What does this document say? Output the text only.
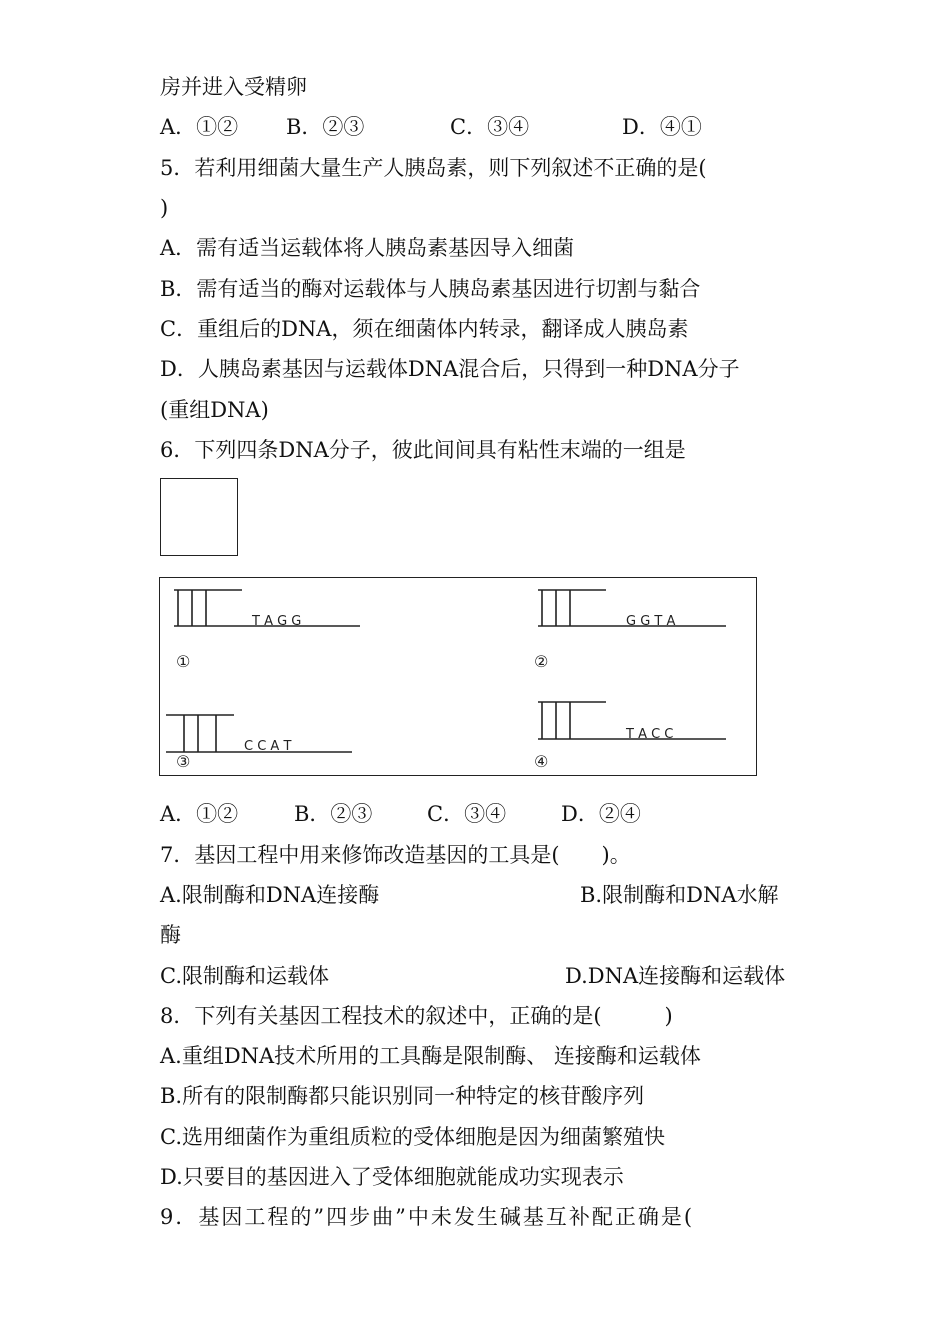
房并进入受精卵
A．①② B．②③	C．③④	D．④①
5．若利用细菌大量生产人胰岛素，则下列叙述不正确的是(
)
A．需有适当运载体将人胰岛素基因导入细菌
B．需有适当的酶对运载体与人胰岛素基因进行切割与黏合
C．重组后的DNA，须在细菌体内转录，翻译成人胰岛素
D．人胰岛素基因与运载体DNA混合后，只得到一种DNA分子
(重组DNA)
6．下列四条DNA分子，彼此间间具有粘性末端的一组是
T A G G	G G T A
C C A T
T A C C
①	②
③	④
A．①②	B．②③	C．③④	D．②④
7．基因工程中用来修饰改造基因的工具是(　　)。
A.限制酶和DNA连接酶	B.限制酶和DNA水解
酶
C.限制酶和运载体	D.DNA连接酶和运载体
8．下列有关基因工程技术的叙述中，正确的是(　　　)
A.重组DNA技术所用的工具酶是限制酶、 连接酶和运载体
B.所有的限制酶都只能识别同一种特定的核苷酸序列
C.选用细菌作为重组质粒的受体细胞是因为细菌繁殖快
D.只要目的基因进入了受体细胞就能成功实现表示
9．基因工程的”四步曲”中未发生碱基互补配正确是(
